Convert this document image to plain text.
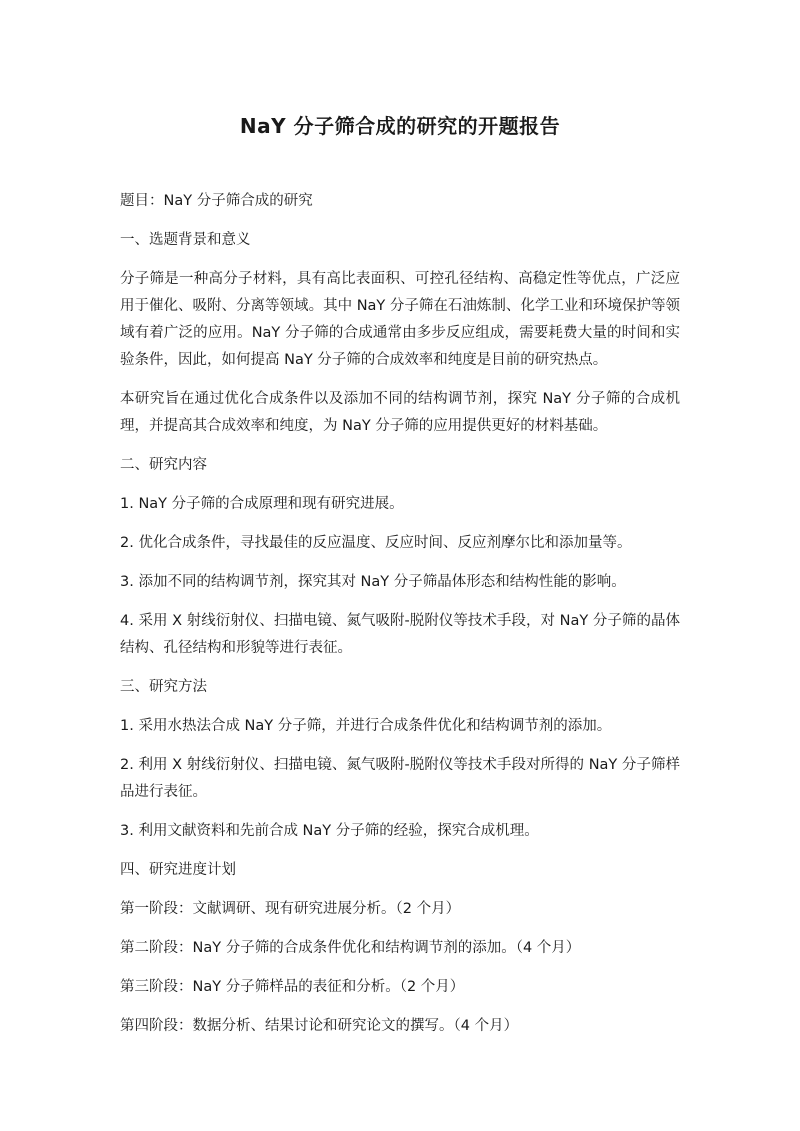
NaY 分子筛合成的研究的开题报告

题目：NaY 分子筛合成的研究

一、选题背景和意义

分子筛是一种高分子材料，具有高比表面积、可控孔径结构、高稳定性等优点，广泛应用于催化、吸附、分离等领域。其中 NaY 分子筛在石油炼制、化学工业和环境保护等领域有着广泛的应用。NaY 分子筛的合成通常由多步反应组成，需要耗费大量的时间和实验条件，因此，如何提高 NaY 分子筛的合成效率和纯度是目前的研究热点。

本研究旨在通过优化合成条件以及添加不同的结构调节剂，探究 NaY 分子筛的合成机理，并提高其合成效率和纯度，为 NaY 分子筛的应用提供更好的材料基础。

二、研究内容

1. NaY 分子筛的合成原理和现有研究进展。

2. 优化合成条件，寻找最佳的反应温度、反应时间、反应剂摩尔比和添加量等。

3. 添加不同的结构调节剂，探究其对 NaY 分子筛晶体形态和结构性能的影响。

4. 采用 X 射线衍射仪、扫描电镜、氮气吸附-脱附仪等技术手段，对 NaY 分子筛的晶体结构、孔径结构和形貌等进行表征。

三、研究方法

1. 采用水热法合成 NaY 分子筛，并进行合成条件优化和结构调节剂的添加。

2. 利用 X 射线衍射仪、扫描电镜、氮气吸附-脱附仪等技术手段对所得的 NaY 分子筛样品进行表征。

3. 利用文献资料和先前合成 NaY 分子筛的经验，探究合成机理。

四、研究进度计划

第一阶段：文献调研、现有研究进展分析。（2 个月）

第二阶段：NaY 分子筛的合成条件优化和结构调节剂的添加。（4 个月）

第三阶段：NaY 分子筛样品的表征和分析。（2 个月）

第四阶段：数据分析、结果讨论和研究论文的撰写。（4 个月）
